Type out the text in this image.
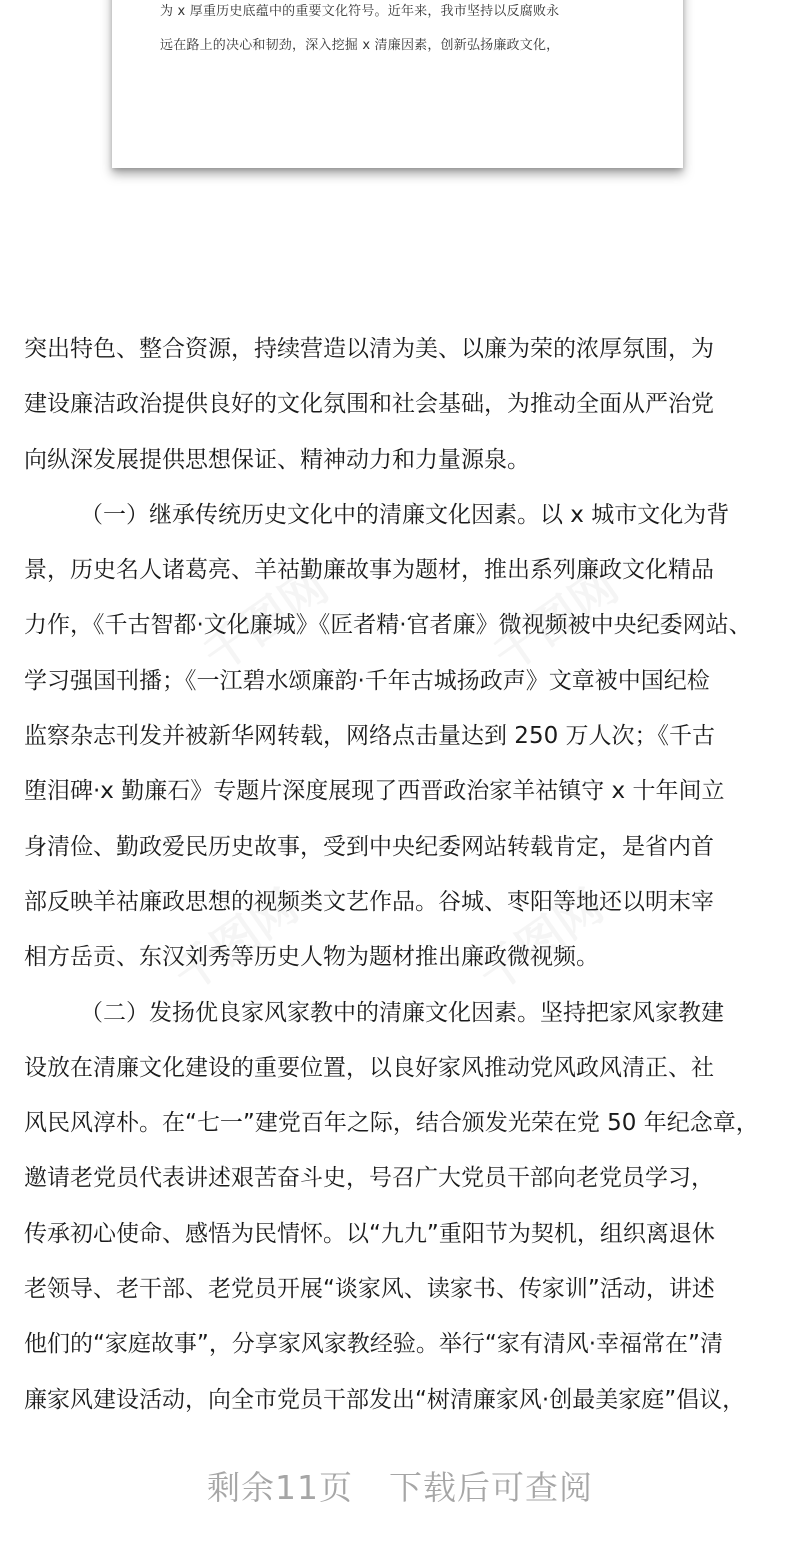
为 x 厚重历史底蕴中的重要文化符号。近年来，我市坚持以反腐败永
远在路上的决心和韧劲，深入挖掘 x 清廉因素，创新弘扬廉政文化，
千图网	千图网
千图网	千图网
突出特色、整合资源，持续营造以清为美、以廉为荣的浓厚氛围，为
建设廉洁政治提供良好的文化氛围和社会基础，为推动全面从严治党
向纵深发展提供思想保证、精神动力和力量源泉。
（一）继承传统历史文化中的清廉文化因素。以 x 城市文化为背
景，历史名人诸葛亮、羊祜勤廉故事为题材，推出系列廉政文化精品
力作，《千古智都·文化廉城》《匠者精·官者廉》微视频被中央纪委网站、
学习强国刊播；《一江碧水颂廉韵·千年古城扬政声》文章被中国纪检
监察杂志刊发并被新华网转载，网络点击量达到 250 万人次；《千古
堕泪碑·x 勤廉石》专题片深度展现了西晋政治家羊祜镇守 x 十年间立
身清俭、勤政爱民历史故事，受到中央纪委网站转载肯定，是省内首
部反映羊祜廉政思想的视频类文艺作品。谷城、枣阳等地还以明末宰
相方岳贡、东汉刘秀等历史人物为题材推出廉政微视频。
（二）发扬优良家风家教中的清廉文化因素。坚持把家风家教建
设放在清廉文化建设的重要位置，以良好家风推动党风政风清正、社
风民风淳朴。在“七一”建党百年之际，结合颁发光荣在党 50 年纪念章，
邀请老党员代表讲述艰苦奋斗史，号召广大党员干部向老党员学习，
传承初心使命、感悟为民情怀。以“九九”重阳节为契机，组织离退休
老领导、老干部、老党员开展“谈家风、读家书、传家训”活动，讲述
他们的“家庭故事”，分享家风家教经验。举行“家有清风·幸福常在”清
廉家风建设活动，向全市党员干部发出“树清廉家风·创最美家庭”倡议，
剩余11页 下载后可查阅
